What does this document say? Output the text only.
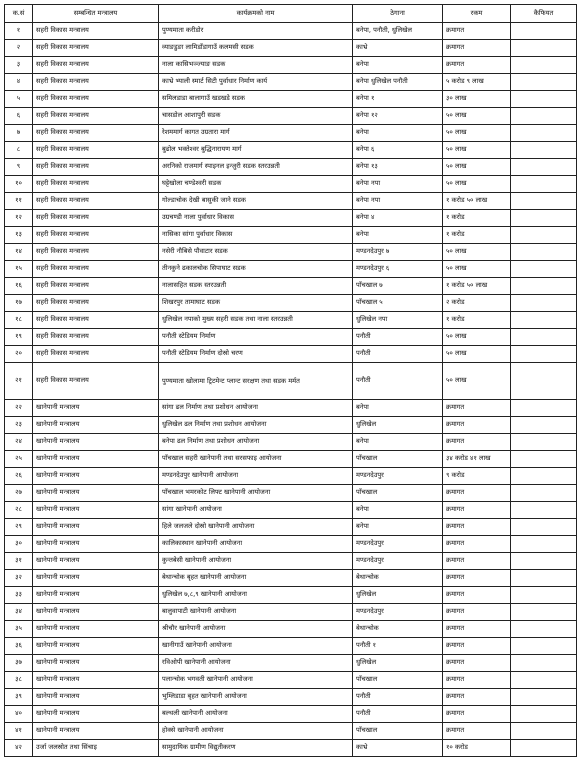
क.सं	सम्बन्धित मन्त्रालय	कार्यक्रमको नाम	ठेगाना	रकम	कैफियत
१	सहरी विकास मन्त्रालय	पुण्यमाता करीडोर	बनेपा, पनौती, धुलिखेल	क्रमागत	
२	सहरी विकास मन्त्रालय	व्याङडुङा लामिडाँडागाउँ कलमसी सडक	काभ्रे	क्रमागत	
३	सहरी विकास मन्त्रालय	नाला कासिभञ्ज्याङ सडक	बनेपा	क्रमागत	
४	सहरी विकास मन्त्रालय	काभ्रे भ्याली स्मार्ट सिटी पुर्वाधार निर्माण कार्य	बनेपा धुलिखेल पनौती	५ करोड ९ लाख	
५	सहरी विकास मन्त्रालय	समिलडाडा बालागाउँ खडखडे सडक	बनेपा १	३० लाख	
६	सहरी विकास मन्त्रालय	चासडोल आशापुरी सडक	बनेपा १२	५० लाख	
७	सहरी विकास मन्त्रालय	रेशममार्ग कागत उग्रतारा मार्ग	बनेपा	५० लाख	
८	सहरी विकास मन्त्रालय	बुढोल भक्तेश्वर बुद्धिनारायण मार्ग	बनेपा ६	५० लाख	
९	सहरी विकास मन्त्रालय	अरनिको राजमार्ग स्पाइनल इन्जुरी सडक स्तरउन्नती	बनेपा १३	५० लाख	
१०	सहरी विकास मन्त्रालय	घट्टेखोला चण्डेश्वरी सडक	बनेपा नपा	५० लाख	
११	सहरी विकास मन्त्रालय	गोल्डाचोक देखी बासुकी जाने सडक	बनेपा नपा	१ करोड ५० लाख	
१२	सहरी विकास मन्त्रालय	उग्रचण्डी नाला पुर्वाधार विकास	बनेपा ४	१ करोड	
१३	सहरी विकास मन्त्रालय	नासिका सांगा पुर्वाधार विकास	बनेपा	१ करोड	
१४	सहरी विकास मन्त्रालय	नसेरी नौबिसे पौवाटार सडक	मण्डनदेउपुर ७	५० लाख	
१५	सहरी विकास मन्त्रालय	तीनकुने ढकालचोक सिपाघाट सडक	मण्डनदेउपुर ६	५० लाख	
१६	सहरी विकास मन्त्रालय	नालासहित सडक स्तरउन्नती	पाँचखाल ७	१ करोड ५० लाख	
१७	सहरी विकास मन्त्रालय	शिखरपुर तामाघाट सडक	पाँचखाल ५	२ करोड	
१८	सहरी विकास मन्त्रालय	धुलिखेल नपाको मुख्य सहरी सडक तथा नाला स्तरउन्नती	धुलिखेल नपा	१ करोड	
१९	सहरी विकास मन्त्रालय	पनौती स्टेडियम निर्माण	पनौती	५० लाख	
२०	सहरी विकास मन्त्रालय	पनौती स्टेडियम निर्माण दोस्रो चरण	पनौती	५० लाख	
२१	सहरी विकास मन्त्रालय	पुण्यमाता खोलामा ट्रिटमेन्ट प्लान्ट सरक्षण तथा सडक मर्मत	पनौती	५० लाख	
२२	खानेपानी मन्त्रालय	सांगा ढल निर्माण तथा प्रशोधन आयोजना	बनेपा	क्रमागत	
२३	खानेपानी मन्त्रालय	धुलिखेल ढल निर्माण तथा प्रशोधन आयोजना	धुलिखेल	क्रमागत	
२४	खानेपानी मन्त्रालय	बनेपा ढल निर्माण तथा प्रशोधन आयोजना	बनेपा	क्रमागत	
२५	खानेपानी मन्त्रालय	पाँचखाल सहरी खानेपानी तथा सरसफाइ आयोजना	पाँचखाल	३४ करोड ४१ लाख	
२६	खानेपानी मन्त्रालय	मण्डनदेउपुर खानेपानी आयोजना	मण्डनदेउपुर	९ करोड	
२७	खानेपानी मन्त्रालय	पाँचखाल भमरकोट लिफ्ट खानेपानी आयोजना	पाँचखाल	क्रमागत	
२८	खानेपानी मन्त्रालय	सांगा खानेपानी आयोजना	बनेपा	क्रमागत	
२९	खानेपानी मन्त्रालय	हिले जलजले दोस्रो खानेपानी आयोजना	बनेपा	क्रमागत	
३०	खानेपानी मन्त्रालय	कालिकास्थान खानेपानी आयोजना	मण्डनदेउपुर	क्रमागत	
३१	खानेपानी मन्त्रालय	कुन्तबेसी खानेपानी आयोजना	मण्डनदेउपुर	क्रमागत	
३२	खानेपानी मन्त्रालय	बेथान्चोक बृहत खानेपानी आयोजना	बेथान्चोक	क्रमागत	
३३	खानेपानी मन्त्रालय	धुलिखेल ७,८,९ खानेपानी आयोजना	धुलिखेल	क्रमागत	
३४	खानेपानी मन्त्रालय	बालुवापाटी खानेपानी आयोजना	मण्डनदेउपुर	क्रमागत	
३५	खानेपानी मन्त्रालय	श्रीचौर खानेपानी आयोजना	बेथान्चोक	क्रमागत	
३६	खानेपानी मन्त्रालय	खानीगाउँ खानेपानी आयोजना	पनौती १	क्रमागत	
३७	खानेपानी मन्त्रालय	रविओपी खानेपानी आयोजना	धुलिखेल	क्रमागत	
३८	खानेपानी मन्त्रालय	पलान्चोक भगवती खानेपानी आयोजना	पाँचखाल	क्रमागत	
३९	खानेपानी मन्त्रालय	भुम्लिडाडा बृहत खानेपानी आयोजना	पनौती	क्रमागत	
४०	खानेपानी मन्त्रालय	बल्थली खानेपानी आयोजना	पनौती	क्रमागत	
४१	खानेपानी मन्त्रालय	होक्से खानेपानी आयोजना	पाँचखाल	क्रमागत	
४२	उर्जा जलस्रोत तथा सिंचाइ	सामुदायिक ग्रामीण विद्युतीकरण	काभ्रे	१० करोड	
